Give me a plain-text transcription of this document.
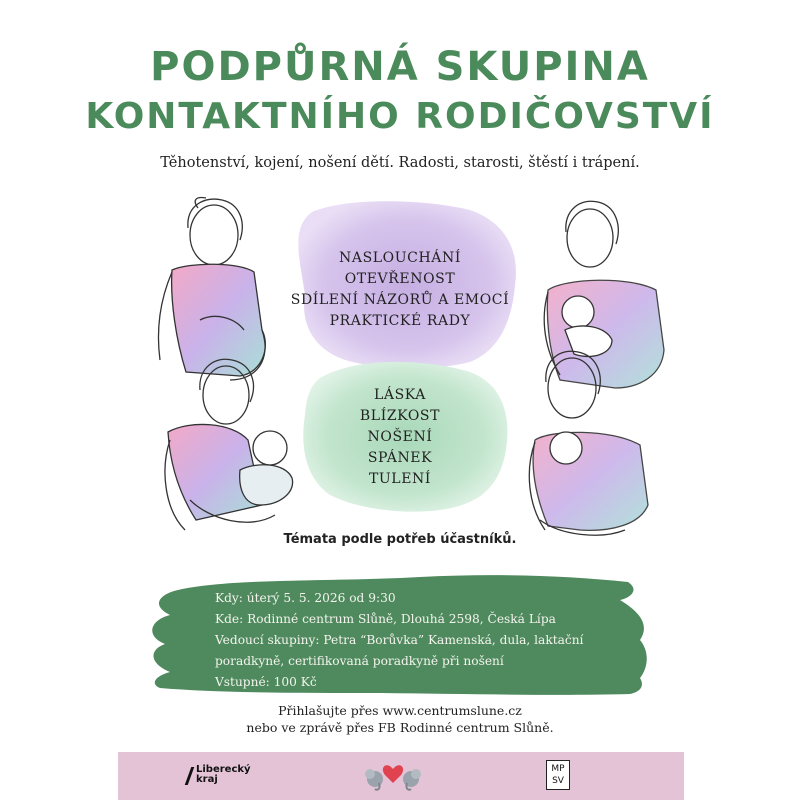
PODPŮRNÁ SKUPINA
KONTAKTNÍHO RODIČOVSTVÍ
Těhotenství, kojení, nošení dětí. Radosti, starosti, štěstí i trápení.
NASLOUCHÁNÍ
OTEVŘENOST
SDÍLENÍ NÁZORŮ A EMOCÍ
PRAKTICKÉ RADY
LÁSKA
BLÍZKOST
NOŠENÍ
SPÁNEK
TULENÍ
Témata podle potřeb účastníků.
Kdy: úterý 5. 5. 2026 od 9:30
Kde: Rodinné centrum Slůně, Dlouhá 2598, Česká Lípa
Vedoucí skupiny: Petra “Borůvka” Kamenská, dula, laktační
poradkyně, certifikovaná poradkyně při nošení
Vstupné: 100 Kč
Přihlašujte přes www.centrumslune.cz
nebo ve zprávě přes FB Rodinné centrum Slůně.
Liberecký
kraj
MP
SV
